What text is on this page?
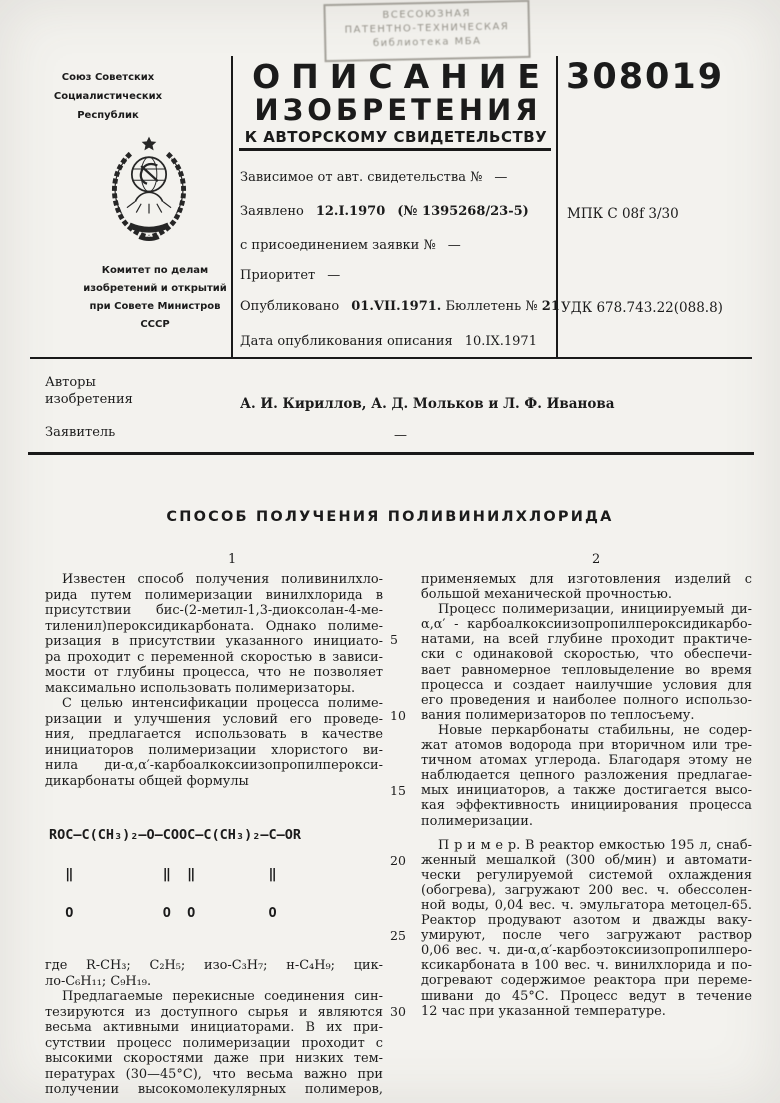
ВСЕСОЮЗНАЯ
ПАТЕНТНО-ТЕХНИЧЕСКАЯ
библиотека МБА
Союз Советских
Социалистических
Республик
ОПИСАНИЕ
ИЗОБРЕТЕНИЯ
308019
К АВТОРСКОМУ СВИДЕТЕЛЬСТВУ
Комитет по делам
изобретений и открытий
при Совете Министров
СССР
Зависимое от авт. свидетельства № —
Заявлено 12.I.1970 (№ 1395268/23-5)
с присоединением заявки № —
Приоритет —
Опубликовано 01.VII.1971. Бюллетень № 21
Дата опубликования описания 10.IX.1971
МПК С 08f 3/30
УДК 678.743.22(088.8)
Авторы
изобретения	А. И. Кириллов, А. Д. Мольков и Л. Ф. Иванова
Заявитель	—
СПОСОБ ПОЛУЧЕНИЯ ПОЛИВИНИЛХЛОРИДА
1	2
Известен способ получения поливинилхло-
рида путем полимеризации винилхлорида в
присутствии бис-(2-метил-1,3-диоксолан-4-ме-
тиленил)пероксидикарбоната. Однако полиме-
ризация в присутствии указанного инициато-
ра проходит с переменной скоростью в зависи-
мости от глубины процесса, что не позволяет
максимально использовать полимеризаторы.
С целью интенсификации процесса полиме-
ризации и улучшения условий его проведе-
ния, предлагается использовать в качестве
инициаторов полимеризации хлористого ви-
нила ди-α,α′-карбоалкоксиизопропилперокси-
дикарбонаты общей формулы

ROC–C(CH₃)₂–O–COOC–C(CH₃)₂–C–OR

‖           ‖  ‖         ‖

O           O  O         O

где R-CH₃; C₂H₅; изо-C₃H₇; н-C₄H₉; цик-
ло-C₆H₁₁; C₉H₁₉.
Предлагаемые перекисные соединения син-
тезируются из доступного сырья и являются
весьма активными инициаторами. В их при-
сутствии процесс полимеризации проходит с
высокими скоростями даже при низких тем-
пературах (30—45°С), что весьма важно при
получении высокомолекулярных полимеров,
применяемых для изготовления изделий с
большой механической прочностью.
Процесс полимеризации, инициируемый ди-
α,α′ - карбоалкоксиизопропилпероксидикарбо-
натами, на всей глубине проходит практиче-
5
ски с одинаковой скоростью, что обеспечи-
вает равномерное тепловыделение во время
процесса и создает наилучшие условия для
его проведения и наиболее полного использо-
вания полимеризаторов по теплосъему.
10
Новые перкарбонаты стабильны, не содер-
жат атомов водорода при вторичном или тре-
тичном атомах углерода. Благодаря этому не
наблюдается цепного разложения предлагае-
мых инициаторов, а также достигается высо-
15
кая эффективность инициирования процесса
полимеризации.
П р и м е р. В реактор емкостью 195 л, снаб-
женный мешалкой (300 об/мин) и автомати-
20
чески регулируемой системой охлаждения
(обогрева), загружают 200 вес. ч. обессолен-
ной воды, 0,04 вес. ч. эмульгатора метоцел-65.
Реактор продувают азотом и дважды ваку-
умируют, после чего загружают раствор
25
0,06 вес. ч. ди-α,α′-карбоэтоксиизопропилперо-
ксикарбоната в 100 вес. ч. винилхлорида и по-
догревают содержимое реактора при переме-
шивани до 45°С. Процесс ведут в течение
12 час при указанной температуре.
30
